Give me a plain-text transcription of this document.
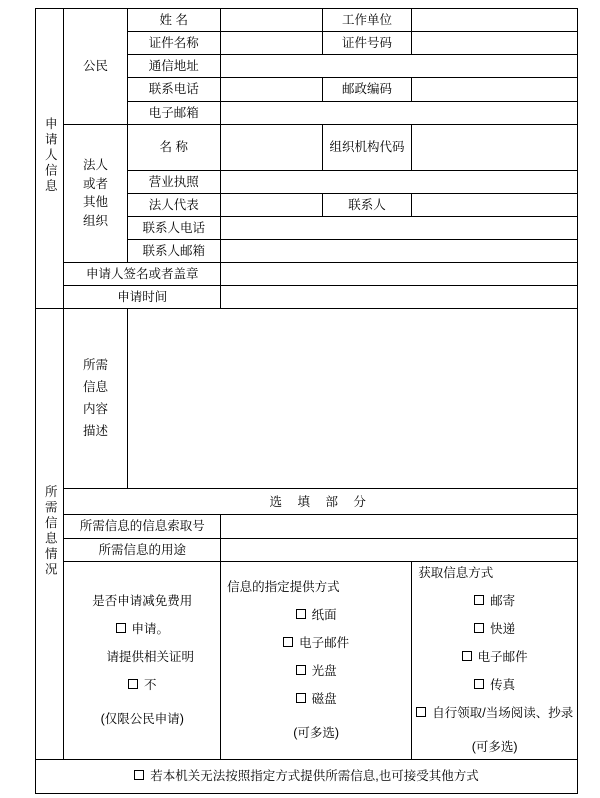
申请人信息	公民	姓 名		工作单位	
		证件名称		证件号码	
		通信地址			
		联系电话		邮政编码	
		电子邮箱			

	法人
或者
其他
组织	名 称		组织机构代码	
		营业执照			
		法人代表		联系人	
		联系人电话			
		联系人邮箱			
	申请人签名或者盖章				
	申请时间				
所需信息情况	所需
信息
内容
描述				

	选 填 部 分				
	所需信息的信息索取号				
	所需信息的用途				

是否申请减免费用
申请。
请提供相关证明
不
(仅限公民申请)

信息的指定提供方式
纸面
电子邮件
光盘
磁盘
(可多选)

获取信息方式
邮寄
快递
电子邮件
传真
自行领取/当场阅读、抄录
(可多选)

若本机关无法按照指定方式提供所需信息,也可接受其他方式					
